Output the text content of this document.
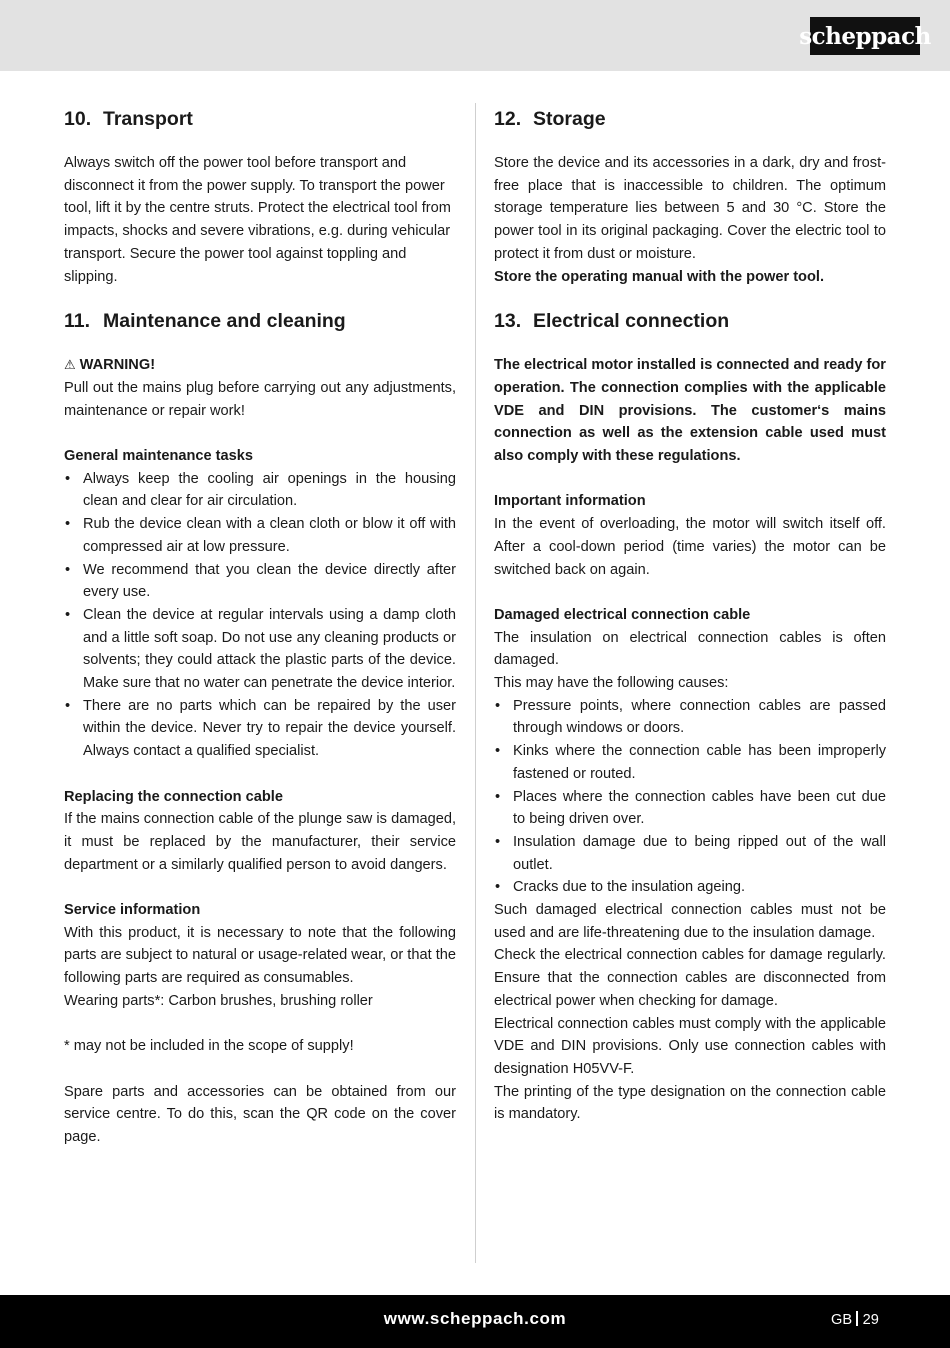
scheppach
10. Transport

Always switch off the power tool before transport and disconnect it from the power supply. To transport the power tool, lift it by the centre struts. Protect the electrical tool from impacts, shocks and severe vibrations, e.g. during vehicular transport. Secure the power tool against toppling and slipping.

11. Maintenance and cleaning
⚠ WARNING!

Pull out the mains plug before carrying out any adjustments, maintenance or repair work!

General maintenance tasks
• Always keep the cooling air openings in the housing clean and clear for air circulation.
• Rub the device clean with a clean cloth or blow it off with compressed air at low pressure.
• We recommend that you clean the device directly after every use.
• Clean the device at regular intervals using a damp cloth and a little soft soap. Do not use any cleaning products or solvents; they could attack the plastic parts of the device. Make sure that no water can penetrate the device interior.
• There are no parts which can be repaired by the user within the device. Never try to repair the device yourself. Always contact a qualified specialist.
Replacing the connection cable

If the mains connection cable of the plunge saw is damaged, it must be replaced by the manufacturer, their service department or a similarly qualified person to avoid dangers.

Service information

With this product, it is necessary to note that the following parts are subject to natural or usage-related wear, or that the following parts are required as consumables.

Wearing parts*: Carbon brushes, brushing roller

* may not be included in the scope of supply!

Spare parts and accessories can be obtained from our service centre. To do this, scan the QR code on the cover page.

12. Storage

Store the device and its accessories in a dark, dry and frost-free place that is inaccessible to children. The optimum storage temperature lies between 5 and 30 °C. Store the power tool in its original packaging. Cover the electric tool to protect it from dust or moisture.

Store the operating manual with the power tool.

13. Electrical connection

The electrical motor installed is connected and ready for operation. The connection complies with the applicable VDE and DIN provisions. The customer‘s mains connection as well as the extension cable used must also comply with these regulations.

Important information

In the event of overloading, the motor will switch itself off. After a cool-down period (time varies) the motor can be switched back on again.

Damaged electrical connection cable

The insulation on electrical connection cables is often damaged.

This may have the following causes:

• Pressure points, where connection cables are passed through windows or doors.
• Kinks where the connection cable has been improperly fastened or routed.
• Places where the connection cables have been cut due to being driven over.
• Insulation damage due to being ripped out of the wall outlet.
• Cracks due to the insulation ageing.

Such damaged electrical connection cables must not be used and are life-threatening due to the insulation damage.

Check the electrical connection cables for damage regularly. Ensure that the connection cables are disconnected from electrical power when checking for damage.

Electrical connection cables must comply with the applicable VDE and DIN provisions. Only use connection cables with designation H05VV-F.

The printing of the type designation on the connection cable is mandatory.

www.scheppach.com	GB 29
